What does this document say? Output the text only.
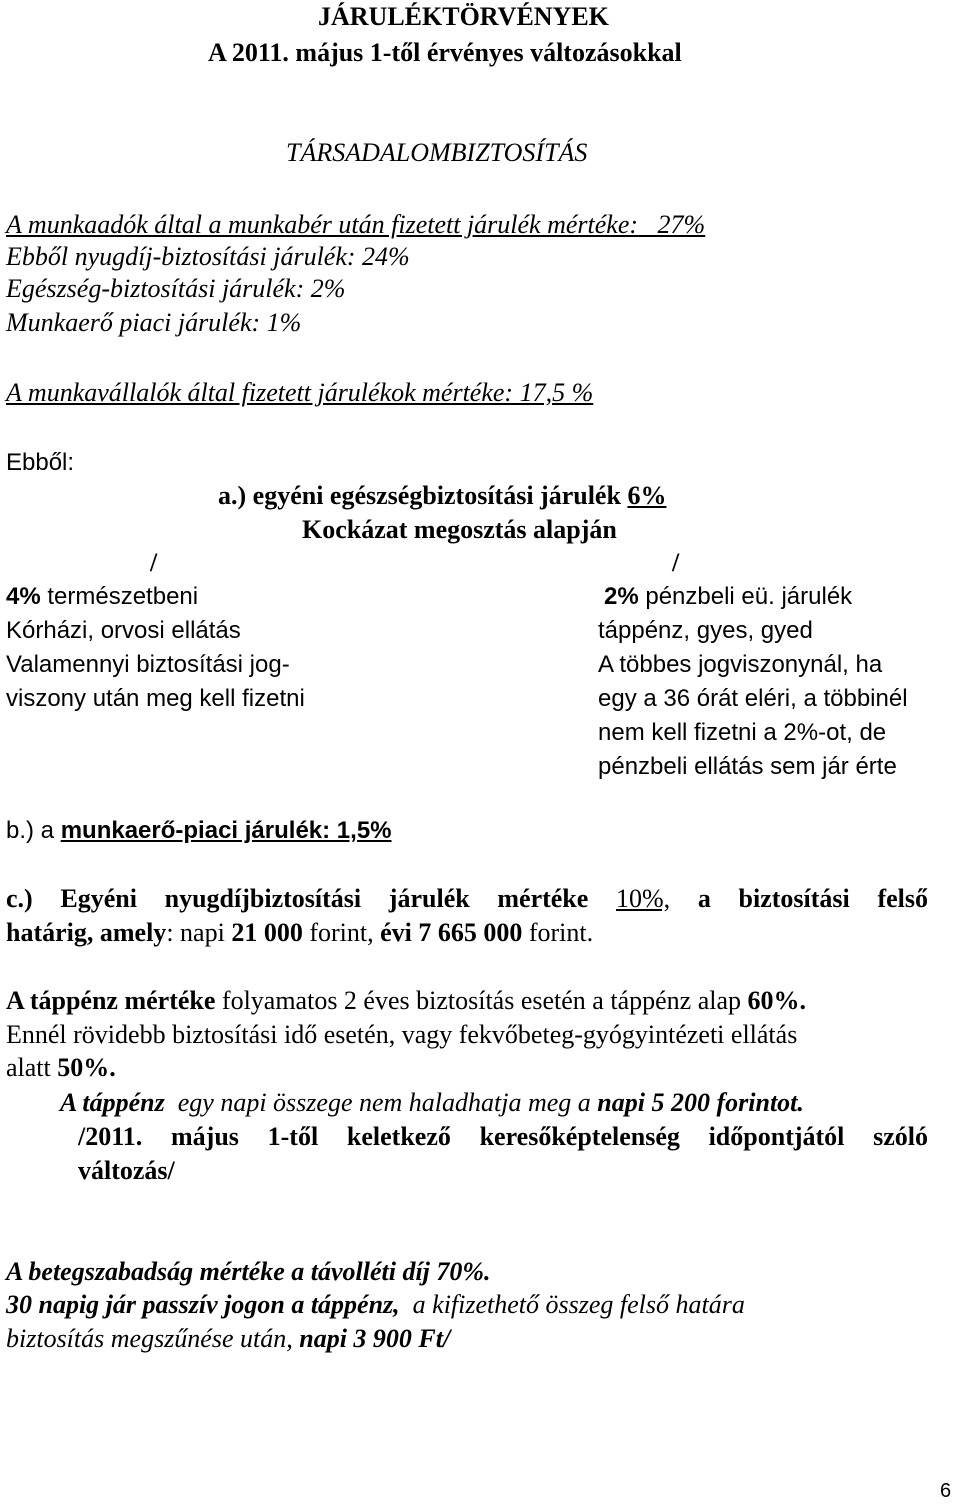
JÁRULÉKTÖRVÉNYEK
A 2011. május 1-től érvényes változásokkal
TÁRSADALOMBIZTOSÍTÁS
A munkaadók által a munkabér után fizetett járulék mértéke: 27%
Ebből nyugdíj-biztosítási járulék: 24%
Egészség-biztosítási járulék: 2%
Munkaerő piaci járulék: 1%
A munkavállalók által fizetett járulékok mértéke: 17,5 %
Ebből:
a.) egyéni egészségbiztosítási járulék 6%
Kockázat megosztás alapján
/	/
4% természetbeni
Kórházi, orvosi ellátás
Valamennyi biztosítási jog-
viszony után meg kell fizetni
2% pénzbeli eü. járulék
táppénz, gyes, gyed
A többes jogviszonynál, ha
egy a 36 órát eléri, a többinél
nem kell fizetni a 2%-ot, de
pénzbeli ellátás sem jár érte
b.) a munkaerő-piaci járulék: 1,5%
c.) Egyéni nyugdíjbiztosítási járulék mértéke 10%, a biztosítási felső
határig, amely: napi 21 000 forint, évi 7 665 000 forint.
A táppénz mértéke folyamatos 2 éves biztosítás esetén a táppénz alap 60%.
Ennél rövidebb biztosítási idő esetén, vagy fekvőbeteg-gyógyintézeti ellátás
alatt 50%.
A táppénz egy napi összege nem haladhatja meg a napi 5 200 forintot.
/2011. május 1-től keletkező keresőképtelenség időpontjától szóló
változás/
A betegszabadság mértéke a távolléti díj 70%.
30 napig jár passzív jogon a táppénz, a kifizethető összeg felső határa
biztosítás megszűnése után, napi 3 900 Ft/
6
